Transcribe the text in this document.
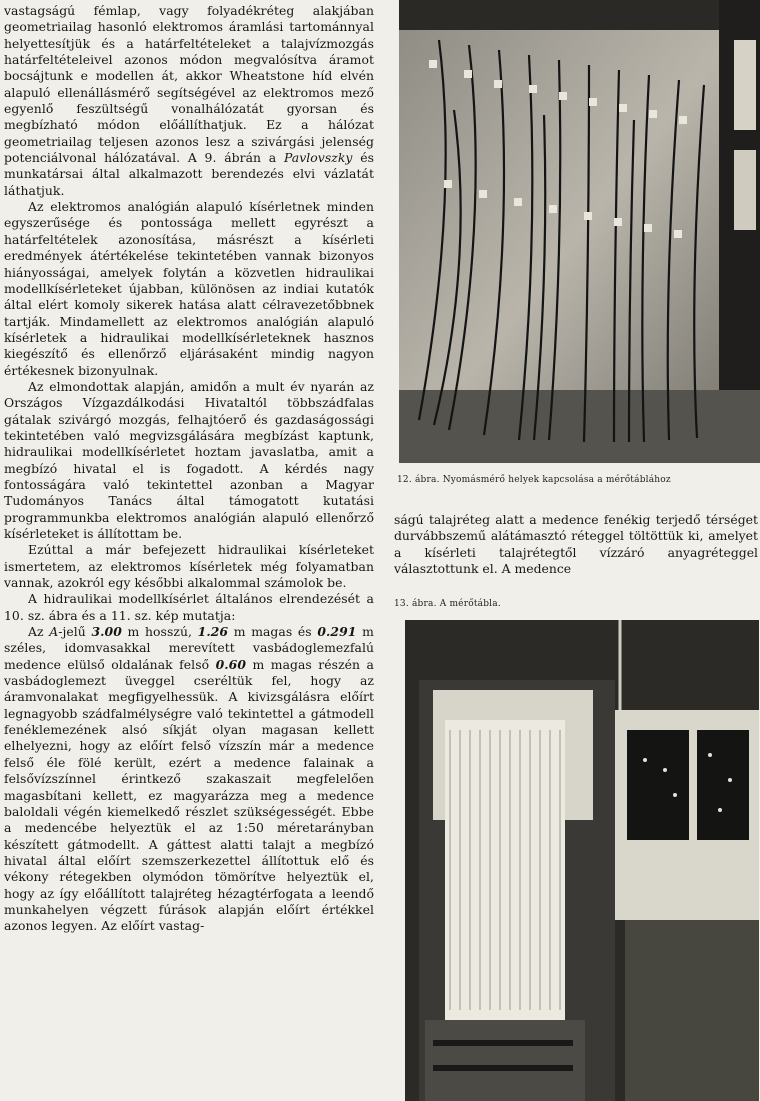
vastagságú fémlap, vagy folyadékréteg alakjában geometriailag hasonló elektromos áramlási tartománnyal helyettesítjük és a határfeltételeket a talajvízmozgás határfeltételeivel azonos módon megvalósítva áramot bocsájtunk e modellen át, akkor Wheatstone híd elvén alapuló ellenállásmérő segítségével az elektromos mező egyenlő feszültségű vonalhálózatát gyorsan és megbízható módon előállíthatjuk. Ez a hálózat geometriailag teljesen azonos lesz a szivárgási jelenség potenciálvonal hálózatával. A 9. ábrán a Pavlovszky és munkatársai által alkalmazott berendezés elvi vázlatát láthatjuk.

Az elektromos analógián alapuló kísérletnek minden egyszerűsége és pontossága mellett egyrészt a határfeltételek azonosítása, másrészt a kísérleti eredmények átértékelése tekintetében vannak bizonyos hiányosságai, amelyek folytán a közvetlen hidraulikai modellkísérleteket újabban, különösen az indiai kutatók által elért komoly sikerek hatása alatt célravezetőbbnek tartják. Mindamellett az elektromos analógián alapuló kísérletek a hidraulikai modellkísérleteknek hasznos kiegészítő és ellenőrző eljárásaként mindig nagyon értékesnek bizonyulnak.

Az elmondottak alapján, amidőn a mult év nyarán az Országos Vízgazdálkodási Hivataltól többszádfalas gátalak szivárgó mozgás, felhajtóerő és gazdaságossági tekintetében való megvizsgálására megbízást kaptunk, hidraulikai modellkísérletet hoztam javaslatba, amit a megbízó hivatal el is fogadott. A kérdés nagy fontosságára való tekintettel azonban a Magyar Tudományos Tanács által támogatott kutatási programmunkba elektromos analógián alapuló ellenőrző kísérleteket is állítottam be.

Ezúttal a már befejezett hidraulikai kísérleteket ismertetem, az elektromos kísérletek még folyamatban vannak, azokról egy későbbi alkalommal számolok be.

A hidraulikai modellkísérlet általános elrendezését a 10. sz. ábra és a 11. sz. kép mutatja:

Az A-jelű 3.00 m hosszú, 1.26 m magas és 0.291 m széles, idomvasakkal merevített vasbádoglemezfalú medence elülső oldalának felső 0.60 m magas részén a vasbádoglemezt üveggel cseréltük fel, hogy az áramvonalakat megfigyelhessük. A kivizsgálásra előírt legnagyobb szádfalmélységre való tekintettel a gátmodell fenéklemezének alsó síkját olyan magasan kellett elhelyezni, hogy az előírt felső vízszín már a medence felső éle fölé került, ezért a medence falainak a felsővízszínnel érintkező szakaszait megfelelően magasbítani kellett, ez magyarázza meg a medence baloldali végén kiemelkedő részlet szükségességét. Ebbe a medencébe helyeztük el az 1:50 méretarányban készített gátmodellt. A gáttest alatti talajt a megbízó hivatal által előírt szemszerkezettel állítottuk elő és vékony rétegekben olymódon tömörítve helyeztük el, hogy az így előállított talajréteg hézagtérfogata a leendő munkahelyen végzett fúrások alapján előírt értékkel azonos legyen. Az előírt vastag-

12. ábra. Nyomásmérő helyek kapcsolása a mérőtáblához

ságú talajréteg alatt a medence fenékig terjedő térséget durvábbszemű alátámasztó réteggel töltöttük ki, amelyet a kísérleti talajrétegtől vízzáró anyagréteggel választottunk el. A medence

13. ábra. A mérőtábla.
